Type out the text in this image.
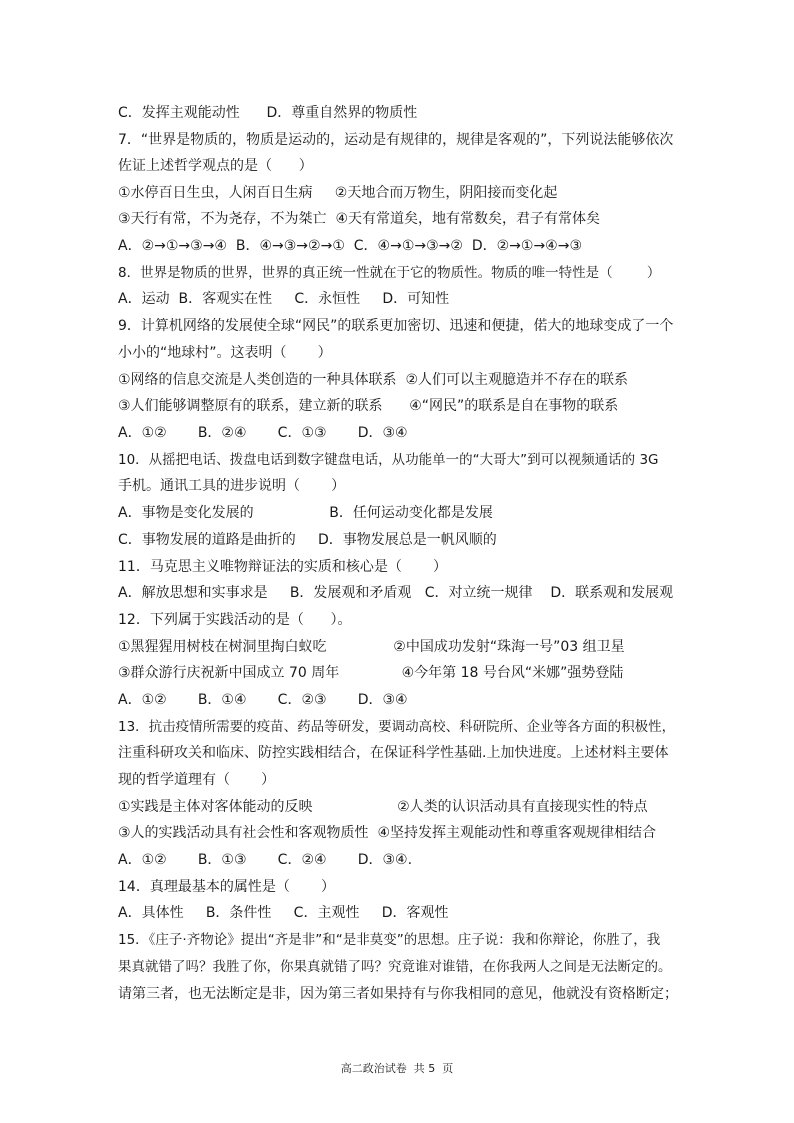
C．发挥主观能动性      D．尊重自然界的物质性
7．“世界是物质的，物质是运动的，运动是有规律的，规律是客观的”，下列说法能够依次
佐证上述哲学观点的是（      ）
①水停百日生虫，人闲百日生病     ②天地合而万物生，阴阳接而变化起
③天行有常，不为尧存，不为桀亡  ④天有常道矣，地有常数矣，君子有常体矣
A．②→①→③→④  B．④→③→②→①  C．④→①→③→②  D．②→①→④→③
8．世界是物质的世界，世界的真正统一性就在于它的物质性。物质的唯一特性是（        ）
A．运动  B．客观实在性     C．永恒性     D．可知性
9．计算机网络的发展使全球“网民”的联系更加密切、迅速和便捷，偌大的地球变成了一个
小小的“地球村”。这表明（       ）
①网络的信息交流是人类创造的一种具体联系  ②人们可以主观臆造并不存在的联系
③人们能够调整原有的联系，建立新的联系      ④“网民”的联系是自在事物的联系
A．①②       B．②④       C．①③       D．③④
10．从摇把电话、拨盘电话到数字键盘电话，从功能单一的“大哥大”到可以视频通话的 3G
手机。通讯工具的进步说明（       ）
A．事物是变化发展的                 B．任何运动变化都是发展
C．事物发展的道路是曲折的     D．事物发展总是一帆风顺的
11．马克思主义唯物辩证法的实质和核心是（       ）
A．解放思想和实事求是     B．发展观和矛盾观   C．对立统一规律    D．联系观和发展观
12．下列属于实践活动的是（      ）。
①黑猩猩用树枝在树洞里掏白蚁吃               ②中国成功发射“珠海一号”03 组卫星
③群众游行庆祝新中国成立 70 周年              ④今年第 18 号台风“米娜”强势登陆
A．①②       B．①④       C．②③       D．③④
13．抗击疫情所需要的疫苗、药品等研发，要调动高校、科研院所、企业等各方面的积极性，
注重科研攻关和临床、防控实践相结合，在保证科学性基础.上加快进度。上述材料主要体
现的哲学道理有（       ）
①实践是主体对客体能动的反映                   ②人类的认识活动具有直接现实性的特点
③人的实践活动具有社会性和客观物质性  ④坚持发挥主观能动性和尊重客观规律相结合
A．①②       B．①③       C．②④       D．③④.
14．真理最基本的属性是（       ）
A．具体性     B．条件性     C．主观性     D．客观性
15．《庄子·齐物论》提出“齐是非”和“是非莫变”的思想。庄子说：我和你辩论，你胜了，我
果真就错了吗？我胜了你，你果真就错了吗？究竟谁对谁错，在你我两人之间是无法断定的。
请第三者，也无法断定是非，因为第三者如果持有与你我相同的意见，他就没有资格断定；
高二政治试卷  共 5  页
